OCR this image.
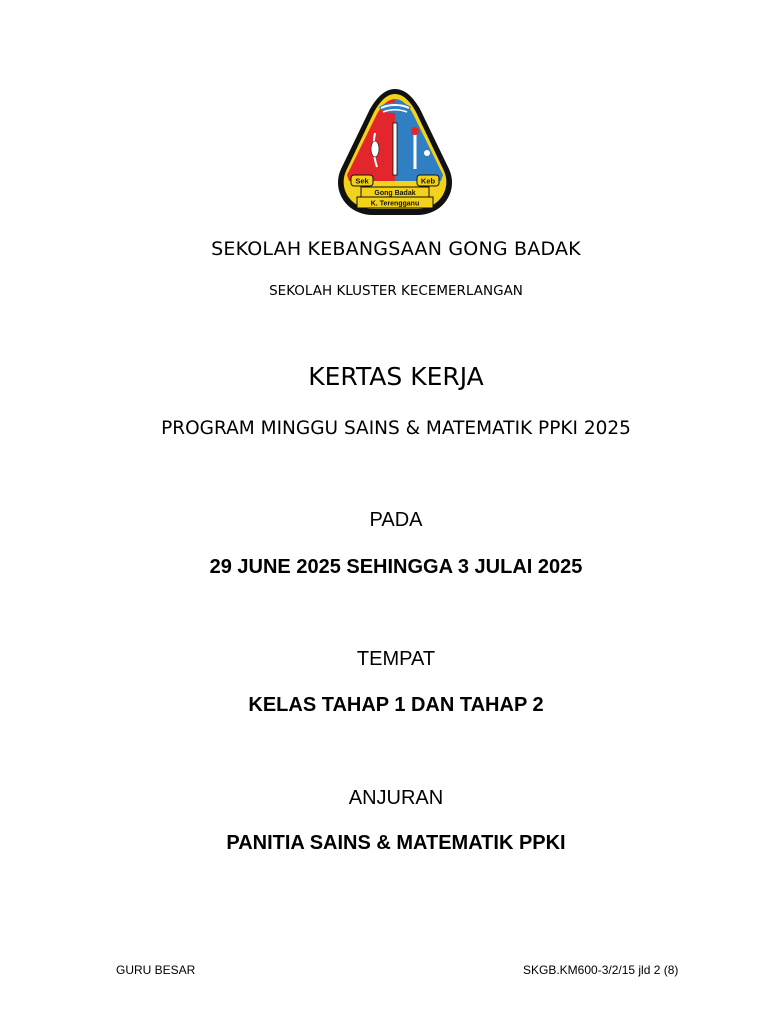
Sek	Keb
Gong Badak
K. Terengganu
SEKOLAH KEBANGSAAN GONG BADAK
SEKOLAH KLUSTER KECEMERLANGAN
KERTAS KERJA
PROGRAM MINGGU SAINS & MATEMATIK PPKI 2025
PADA
29 JUNE 2025 SEHINGGA 3 JULAI 2025
TEMPAT
KELAS TAHAP 1 DAN TAHAP 2
ANJURAN
PANITIA SAINS & MATEMATIK PPKI
GURU BESAR	SKGB.KM600-3/2/15 jld 2 (8)
